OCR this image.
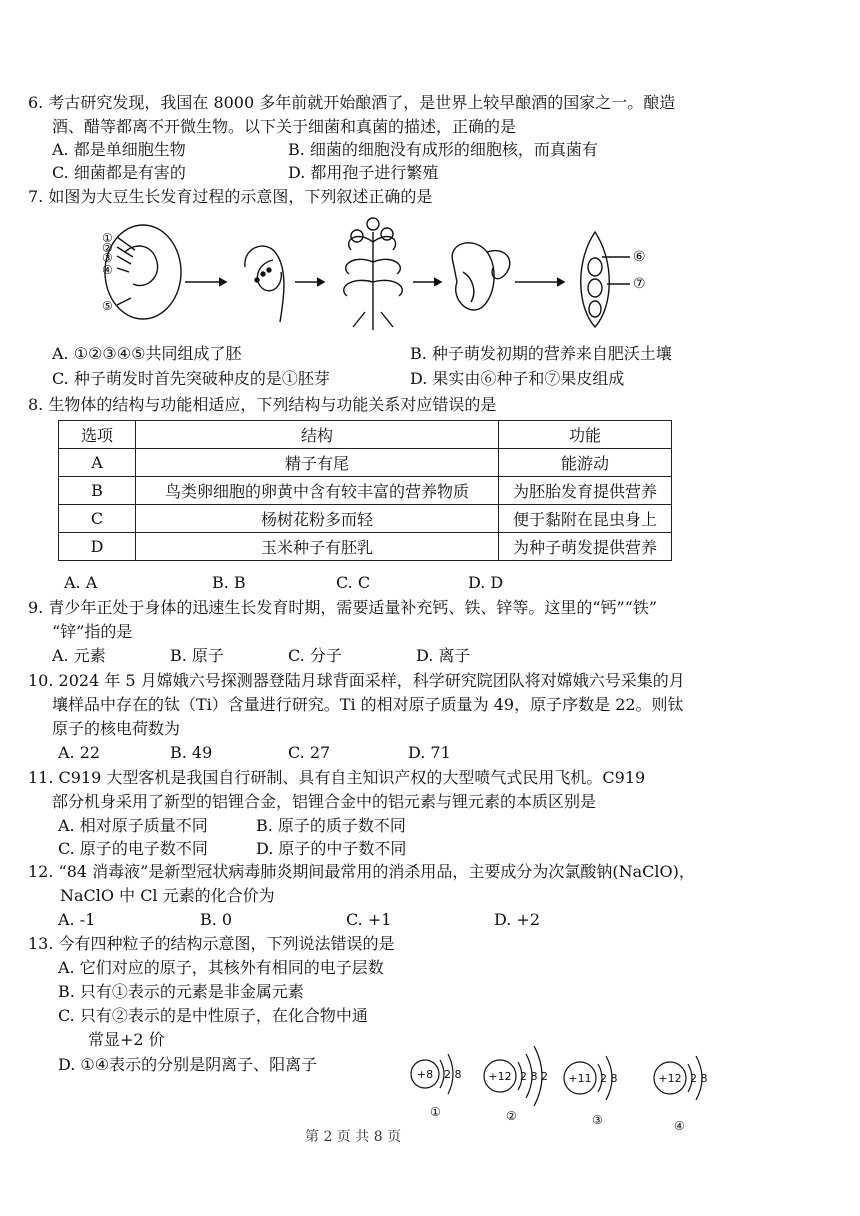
6. 考古研究发现，我国在 8000 多年前就开始酿酒了，是世界上较早酿酒的国家之一。酿造
酒、醋等都离不开微生物。以下关于细菌和真菌的描述，正确的是
A. 都是单细胞生物	B. 细菌的细胞没有成形的细胞核，而真菌有
C. 细菌都是有害的	D. 都用孢子进行繁殖
7. 如图为大豆生长发育过程的示意图，下列叙述正确的是
①
②
③
④
⑤
⑥
⑦
A. ①②③④⑤共同组成了胚	B. 种子萌发初期的营养来自肥沃土壤
C. 种子萌发时首先突破种皮的是①胚芽	D. 果实由⑥种子和⑦果皮组成
8. 生物体的结构与功能相适应，下列结构与功能关系对应错误的是
选项	结构	功能
A	精子有尾	能游动
B	鸟类卵细胞的卵黄中含有较丰富的营养物质	为胚胎发育提供营养
C	杨树花粉多而轻	便于黏附在昆虫身上
D	玉米种子有胚乳	为种子萌发提供营养
A. A	B. B	C. C	D. D
9. 青少年正处于身体的迅速生长发育时期，需要适量补充钙、铁、锌等。这里的“钙”“铁”
“锌”指的是
A. 元素	B. 原子	C. 分子	D. 离子
10. 2024 年 5 月嫦娥六号探测器登陆月球背面采样，科学研究院团队将对嫦娥六号采集的月
壤样品中存在的钛（Ti）含量进行研究。Ti 的相对原子质量为 49，原子序数是 22。则钛
原子的核电荷数为
A. 22	B. 49	C. 27	D. 71
11. C919 大型客机是我国自行研制、具有自主知识产权的大型喷气式民用飞机。C919
部分机身采用了新型的铝锂合金，铝锂合金中的铝元素与锂元素的本质区别是
A. 相对原子质量不同	B. 原子的质子数不同
C. 原子的电子数不同	D. 原子的中子数不同
12. “84 消毒液”是新型冠状病毒肺炎期间最常用的消杀用品，主要成分为次氯酸钠(NaClO)，
NaClO 中 Cl 元素的化合价为
A. -1	B. 0	C. +1	D. +2
13. 今有四种粒子的结构示意图，下列说法错误的是
A. 它们对应的原子，其核外有相同的电子层数
B. 只有①表示的元素是非金属元素
C. 只有②表示的是中性原子，在化合物中通
常显+2 价
D. ①④表示的分别是阴离子、阳离子
+8 2 8
①
+12 2 8 2
②
+11 2 8
③
+12 2 8
④
第 2 页 共 8 页
